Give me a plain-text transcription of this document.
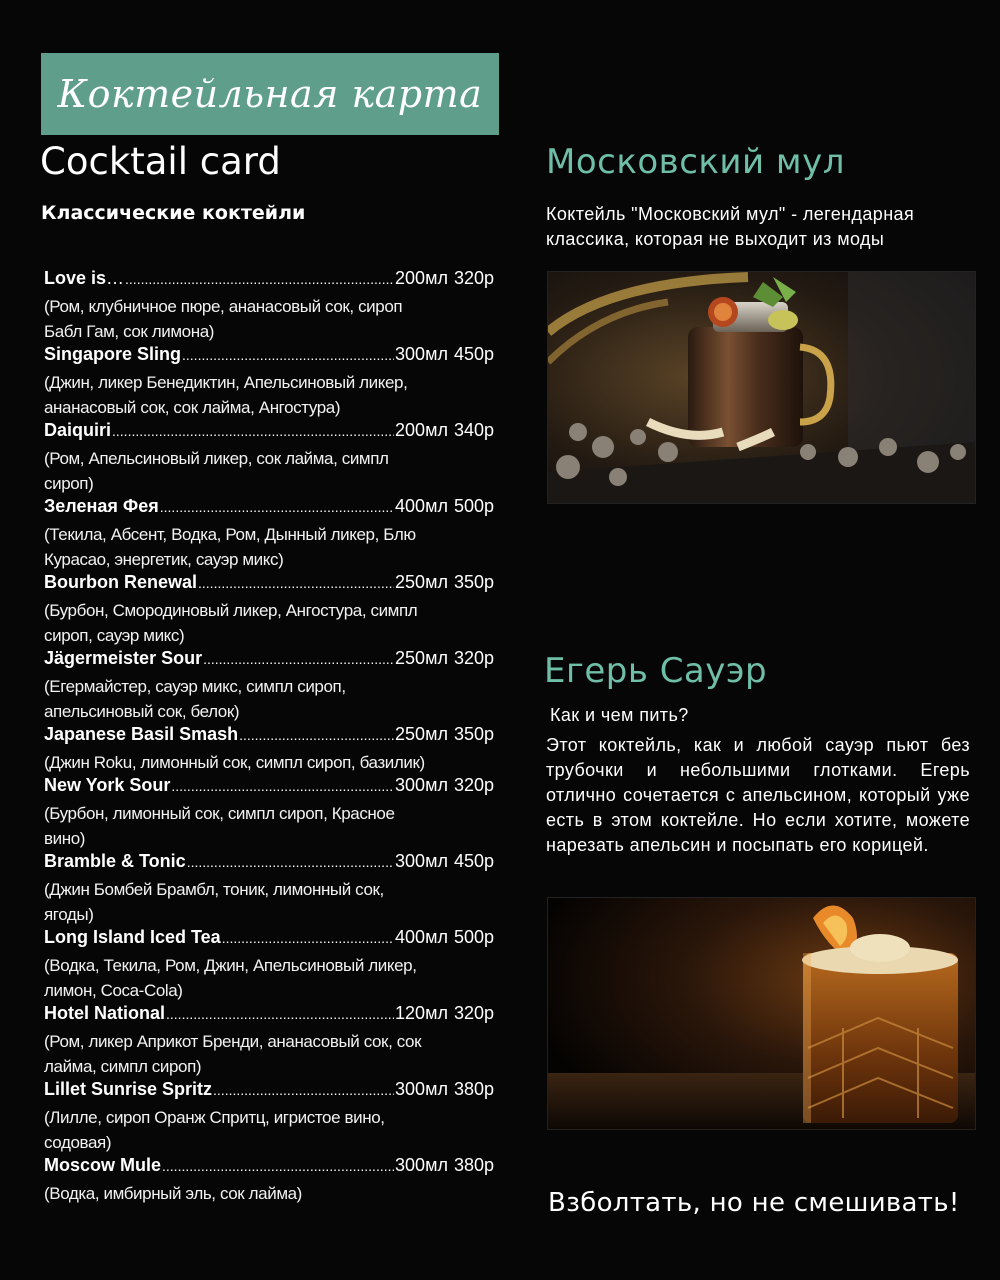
Коктейльная карта
Cocktail card
Классические коктейли
Love is … .....	200мл 320р
(Ром, клубничное пюре, ананасовый сок, сироп Бабл Гам, сок лимона)
Singapore Sling .....	300мл 450р
(Джин, ликер Бенедиктин, Апельсиновый ликер, ананасовый сок, сок лайма, Ангостура)
Daiquiri .....	200мл 340р
(Ром, Апельсиновый ликер, сок лайма, симпл сироп)
Зеленая Фея .....	400мл 500р
(Текила, Абсент, Водка, Ром, Дынный ликер, Блю Курасао, энергетик, сауэр микс)
Bourbon Renewal .....	250мл 350р
(Бурбон, Смородиновый ликер, Ангостура, симпл сироп, сауэр микс)
Jägermeister Sour .....	250мл 320р
(Егермайстер, сауэр микс, симпл сироп, апельсиновый сок, белок)
Japanese Basil Smash .....	250мл 350р
(Джин Roku, лимонный сок, симпл сироп, базилик)
New York Sour .....	300мл 320р
(Бурбон, лимонный сок, симпл сироп, Красное вино)
Bramble & Tonic .....	300мл 450р
(Джин Бомбей Брамбл, тоник, лимонный сок, ягоды)
Long Island Iced Tea .....	400мл 500р
(Водка, Текила, Ром, Джин, Апельсиновый ликер, лимон, Coca-Cola)
Hotel National .....	120мл 320р
(Ром, ликер Априкот Бренди, ананасовый сок, сок лайма, симпл сироп)
Lillet Sunrise Spritz .....	300мл 380р
(Лилле, сироп Оранж Спритц, игристое вино, содовая)
Moscow Mule .....	300мл 380р
(Водка, имбирный эль, сок лайма)
Московский мул
Коктейль "Московский мул" - легендарная классика, которая не выходит из моды
Егерь Сауэр
Как и чем пить?
Этот коктейль, как и любой сауэр пьют без трубочки и небольшими глотками. Егерь отлично сочетается с апельсином, который уже есть в этом коктейле. Но если хотите, можете нарезать апельсин и посыпать его корицей.
Взболтать, но не смешивать!
